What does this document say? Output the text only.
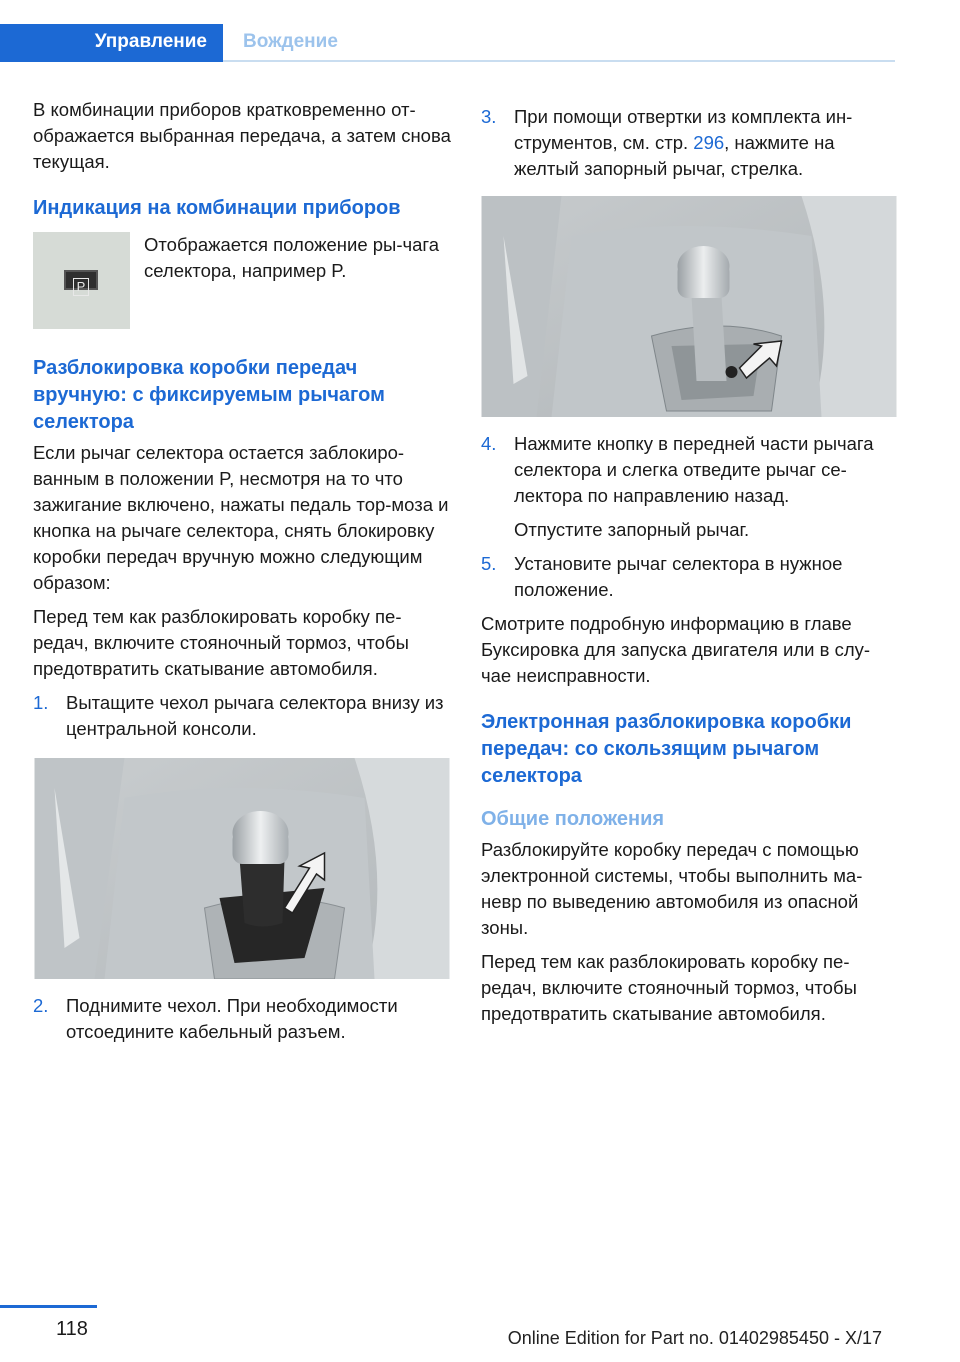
Управление Вождение

В комбинации приборов кратковременно от-ображается выбранная передача, а затем снова текущая.

Индикация на комбинации приборов
P

Отображается положение ры-чага селектора, например P.

Разблокировка коробки передач вручную: с фиксируемым рычагом селектора

Если рычаг селектора остается заблокиро-ванным в положении P, несмотря на то что зажигание включено, нажаты педаль тор-моза и кнопка на рычаге селектора, снять блокировку коробки передач вручную можно следующим образом:

Перед тем как разблокировать коробку пе-редач, включите стояночный тормоз, чтобы предотвратить скатывание автомобиля.

1. Вытащите чехол рычага селектора внизу из центральной консоли.
2. Поднимите чехол. При необходимости отсоедините кабельный разъем.
3. При помощи отвертки из комплекта ин-струментов, см. стр. 296, нажмите на желтый запорный рычаг, стрелка.
4. Нажмите кнопку в передней части рычага селектора и слегка отведите рычаг се-лектора по направлению назад.

Отпустите запорный рычаг.

5. Установите рычаг селектора в нужное положение.

Смотрите подробную информацию в главе Буксировка для запуска двигателя или в слу-чае неисправности.

Электронная разблокировка коробки передач: со скользящим рычагом селектора
Общие положения

Разблокируйте коробку передач с помощью электронной системы, чтобы выполнить ма-невр по выведению автомобиля из опасной зоны.

Перед тем как разблокировать коробку пе-редач, включите стояночный тормоз, чтобы предотвратить скатывание автомобиля.

118	Online Edition for Part no. 01402985450 - X/17
